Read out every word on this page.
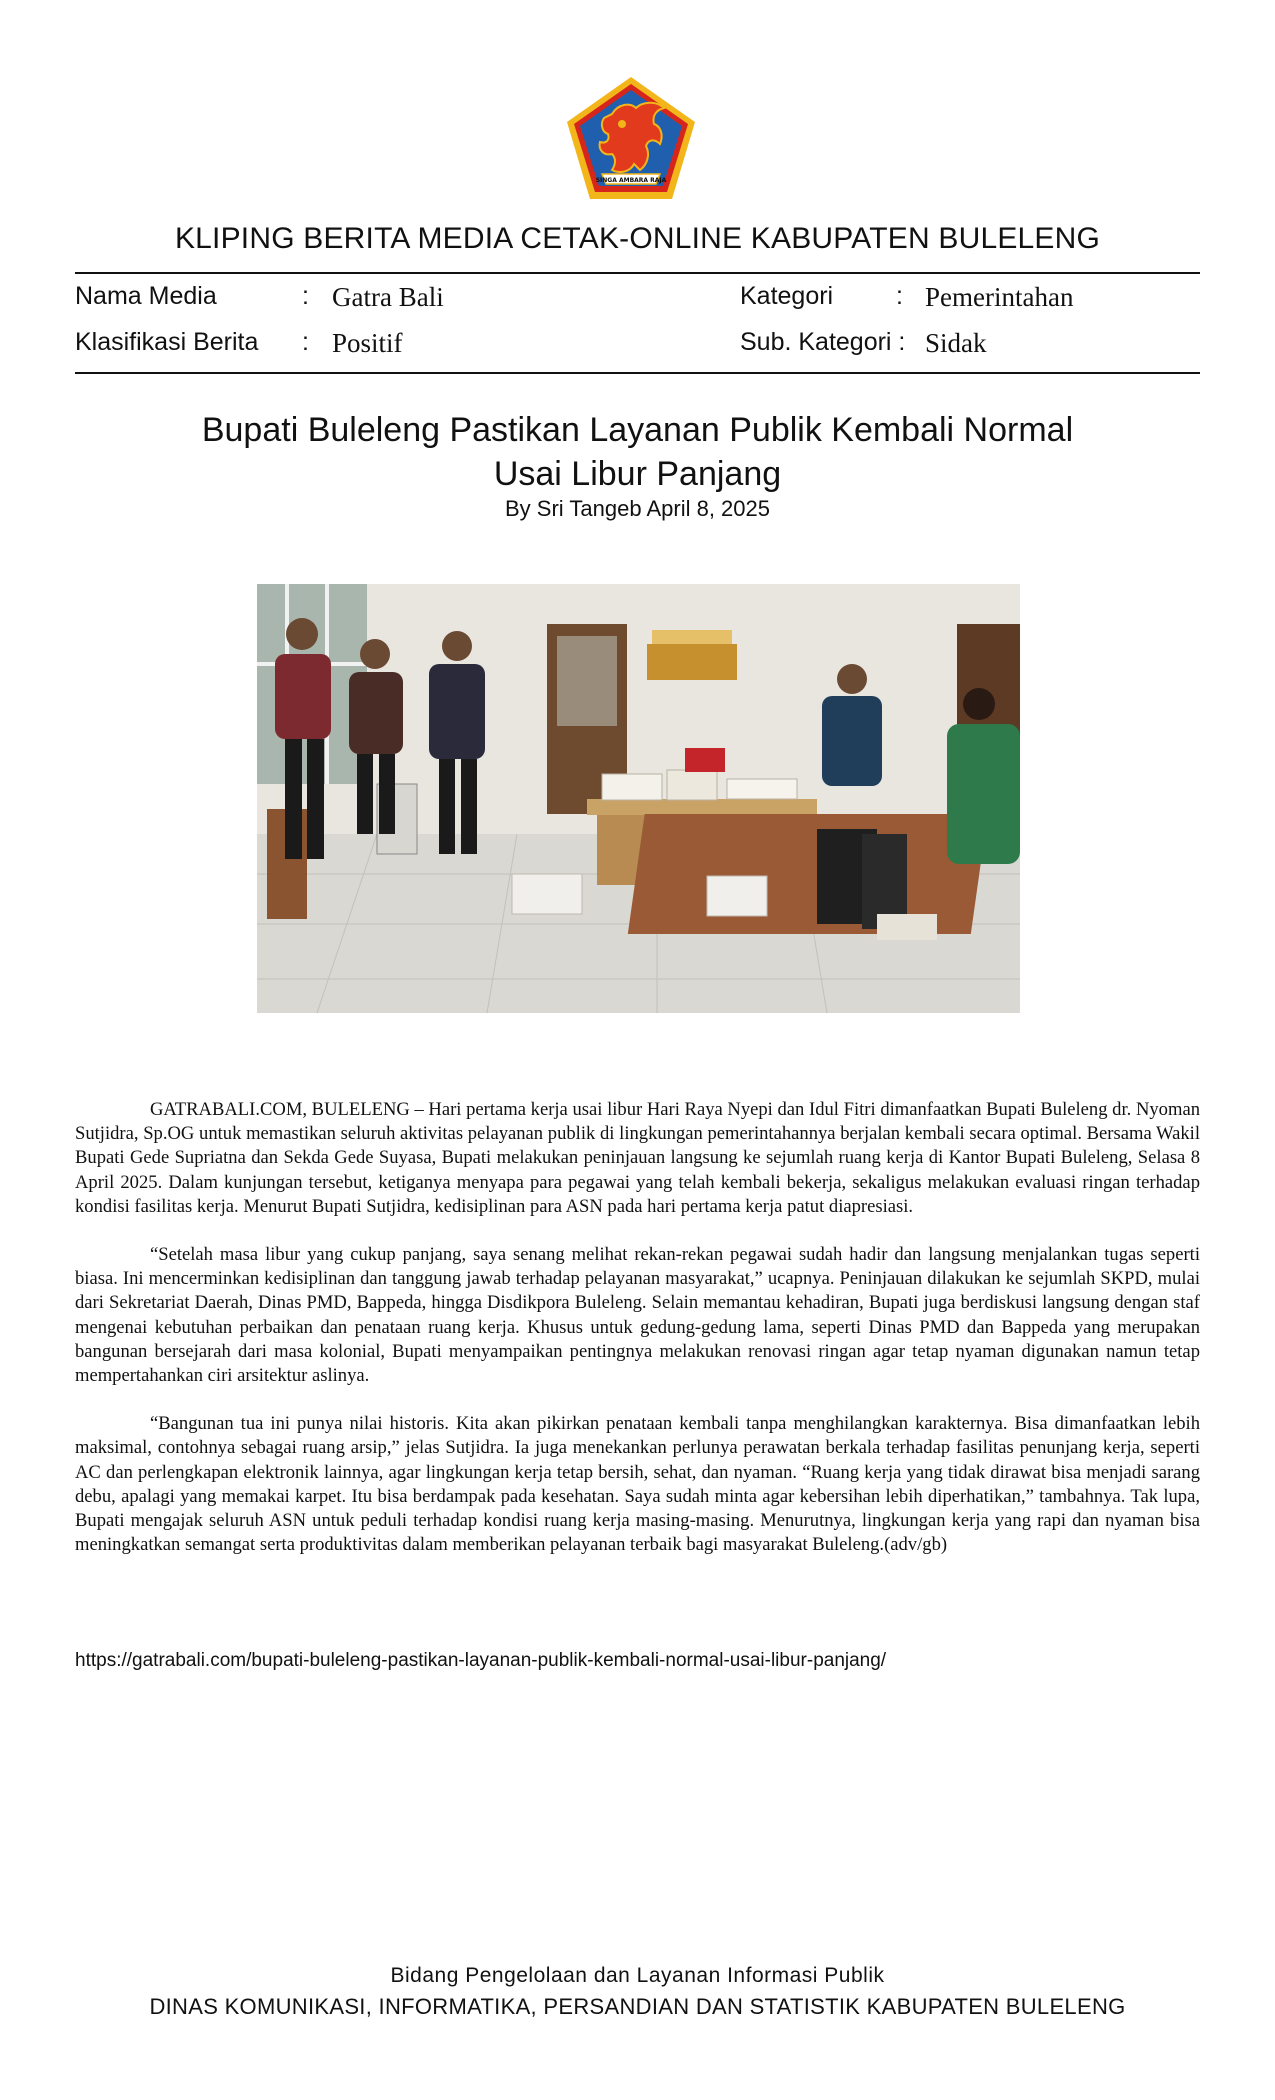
SINGA AMBARA RAJA
KLIPING BERITA MEDIA CETAK-ONLINE KABUPATEN BULELENG
Nama Media	: Gatra Bali
Klasifikasi Berita : Positif
Kategori	: Pemerintahan
Sub. Kategori : Sidak
Bupati Buleleng Pastikan Layanan Publik Kembali Normal
Usai Libur Panjang
By Sri Tangeb April 8, 2025

GATRABALI.COM, BULELENG – Hari pertama kerja usai libur Hari Raya Nyepi dan Idul Fitri dimanfaatkan Bupati Buleleng dr. Nyoman Sutjidra, Sp.OG untuk memastikan seluruh aktivitas pelayanan publik di lingkungan pemerintahannya berjalan kembali secara optimal. Bersama Wakil Bupati Gede Supriatna dan Sekda Gede Suyasa, Bupati melakukan peninjauan langsung ke sejumlah ruang kerja di Kantor Bupati Buleleng, Selasa 8 April 2025. Dalam kunjungan tersebut, ketiganya menyapa para pegawai yang telah kembali bekerja, sekaligus melakukan evaluasi ringan terhadap kondisi fasilitas kerja. Menurut Bupati Sutjidra, kedisiplinan para ASN pada hari pertama kerja patut diapresiasi.

“Setelah masa libur yang cukup panjang, saya senang melihat rekan-rekan pegawai sudah hadir dan langsung menjalankan tugas seperti biasa. Ini mencerminkan kedisiplinan dan tanggung jawab terhadap pelayanan masyarakat,” ucapnya. Peninjauan dilakukan ke sejumlah SKPD, mulai dari Sekretariat Daerah, Dinas PMD, Bappeda, hingga Disdikpora Buleleng. Selain memantau kehadiran, Bupati juga berdiskusi langsung dengan staf mengenai kebutuhan perbaikan dan penataan ruang kerja. Khusus untuk gedung-gedung lama, seperti Dinas PMD dan Bappeda yang merupakan bangunan bersejarah dari masa kolonial, Bupati menyampaikan pentingnya melakukan renovasi ringan agar tetap nyaman digunakan namun tetap mempertahankan ciri arsitektur aslinya.

“Bangunan tua ini punya nilai historis. Kita akan pikirkan penataan kembali tanpa menghilangkan karakternya. Bisa dimanfaatkan lebih maksimal, contohnya sebagai ruang arsip,” jelas Sutjidra. Ia juga menekankan perlunya perawatan berkala terhadap fasilitas penunjang kerja, seperti AC dan perlengkapan elektronik lainnya, agar lingkungan kerja tetap bersih, sehat, dan nyaman. “Ruang kerja yang tidak dirawat bisa menjadi sarang debu, apalagi yang memakai karpet. Itu bisa berdampak pada kesehatan. Saya sudah minta agar kebersihan lebih diperhatikan,” tambahnya. Tak lupa, Bupati mengajak seluruh ASN untuk peduli terhadap kondisi ruang kerja masing-masing. Menurutnya, lingkungan kerja yang rapi dan nyaman bisa meningkatkan semangat serta produktivitas dalam memberikan pelayanan terbaik bagi masyarakat Buleleng.(adv/gb)

https://gatrabali.com/bupati-buleleng-pastikan-layanan-publik-kembali-normal-usai-libur-panjang/
Bidang Pengelolaan dan Layanan Informasi Publik
DINAS KOMUNIKASI, INFORMATIKA, PERSANDIAN DAN STATISTIK KABUPATEN BULELENG
